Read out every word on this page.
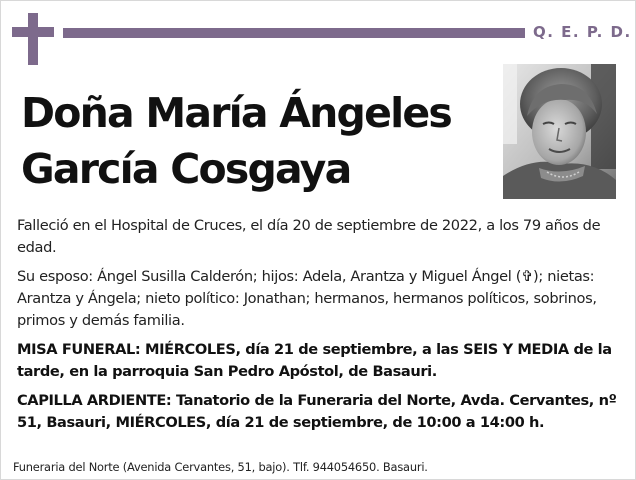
Q. E. P. D.
Doña María Ángeles
García Cosgaya

Falleció en el Hospital de Cruces, el día 20 de septiembre de 2022, a los 79 años de edad.

Su esposo: Ángel Susilla Calderón; hijos: Adela, Arantza y Miguel Ángel (✞); nietas: Arantza y Ángela; nieto político: Jonathan; hermanos, hermanos políticos, sobrinos, primos y demás familia.

MISA FUNERAL: MIÉRCOLES, día 21 de septiembre, a las SEIS Y MEDIA de la tarde, en la parroquia San Pedro Apóstol, de Basauri.

CAPILLA ARDIENTE: Tanatorio de la Funeraria del Norte, Avda. Cervantes, nº 51, Basauri, MIÉRCOLES, día 21 de septiembre, de 10:00 a 14:00 h.

Funeraria del Norte (Avenida Cervantes, 51, bajo). Tlf. 944054650. Basauri.
